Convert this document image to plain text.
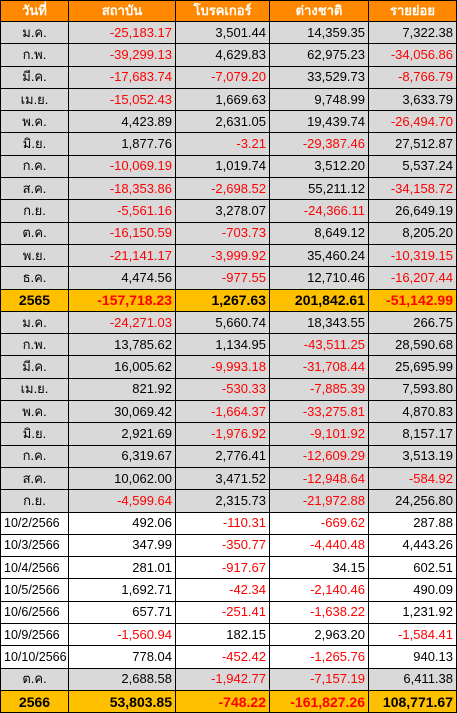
วันที่	สถาบัน	โบรคเกอร์	ต่างชาติ	รายย่อย
ม.ค.	-25,183.17	3,501.44	14,359.35	7,322.38
ก.พ.	-39,299.13	4,629.83	62,975.23	-34,056.86
มี.ค.	-17,683.74	-7,079.20	33,529.73	-8,766.79
เม.ย.	-15,052.43	1,669.63	9,748.99	3,633.79
พ.ค.	4,423.89	2,631.05	19,439.74	-26,494.70
มิ.ย.	1,877.76	-3.21	-29,387.46	27,512.87
ก.ค.	-10,069.19	1,019.74	3,512.20	5,537.24
ส.ค.	-18,353.86	-2,698.52	55,211.12	-34,158.72
ก.ย.	-5,561.16	3,278.07	-24,366.11	26,649.19
ต.ค.	-16,150.59	-703.73	8,649.12	8,205.20
พ.ย.	-21,141.17	-3,999.92	35,460.24	-10,319.15
ธ.ค.	4,474.56	-977.55	12,710.46	-16,207.44
2565	-157,718.23	1,267.63	201,842.61	-51,142.99
ม.ค.	-24,271.03	5,660.74	18,343.55	266.75
ก.พ.	13,785.62	1,134.95	-43,511.25	28,590.68
มี.ค.	16,005.62	-9,993.18	-31,708.44	25,695.99
เม.ย.	821.92	-530.33	-7,885.39	7,593.80
พ.ค.	30,069.42	-1,664.37	-33,275.81	4,870.83
มิ.ย.	2,921.69	-1,976.92	-9,101.92	8,157.17
ก.ค.	6,319.67	2,776.41	-12,609.29	3,513.19
ส.ค.	10,062.00	3,471.52	-12,948.64	-584.92
ก.ย.	-4,599.64	2,315.73	-21,972.88	24,256.80
10/2/2566	492.06	-110.31	-669.62	287.88
10/3/2566	347.99	-350.77	-4,440.48	4,443.26
10/4/2566	281.01	-917.67	34.15	602.51
10/5/2566	1,692.71	-42.34	-2,140.46	490.09
10/6/2566	657.71	-251.41	-1,638.22	1,231.92
10/9/2566	-1,560.94	182.15	2,963.20	-1,584.41
10/10/2566	778.04	-452.42	-1,265.76	940.13
ต.ค.	2,688.58	-1,942.77	-7,157.19	6,411.38
2566	53,803.85	-748.22	-161,827.26	108,771.67
